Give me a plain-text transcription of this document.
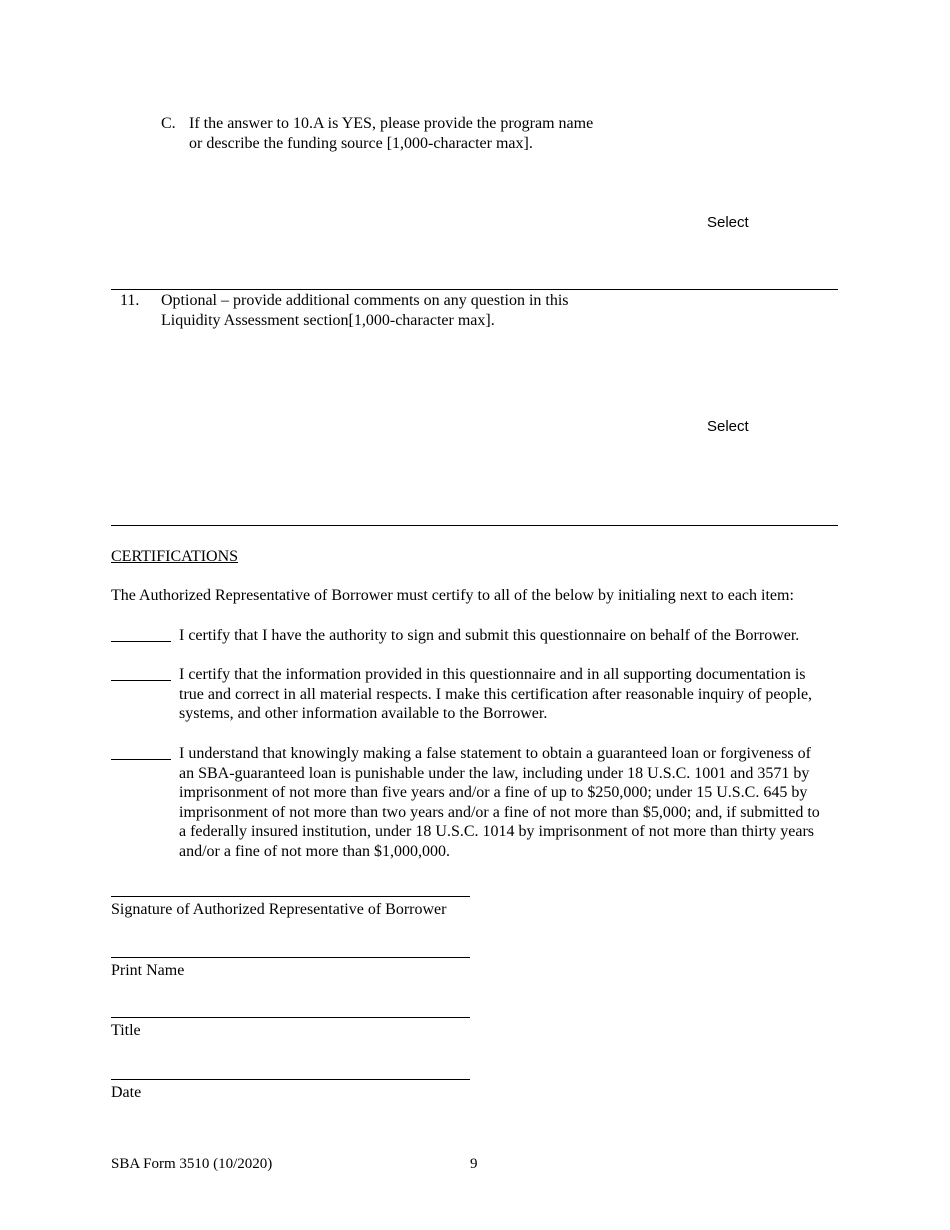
C. If the answer to 10.A is YES, please provide the program name
or describe the funding source [1,000-character max].
Select
11. Optional – provide additional comments on any question in this
Liquidity Assessment section[1,000-character max].
Select
CERTIFICATIONS
The Authorized Representative of Borrower must certify to all of the below by initialing next to each item:
I certify that I have the authority to sign and submit this questionnaire on behalf of the Borrower.
I certify that the information provided in this questionnaire and in all supporting documentation is
true and correct in all material respects. I make this certification after reasonable inquiry of people,
systems, and other information available to the Borrower.
I understand that knowingly making a false statement to obtain a guaranteed loan or forgiveness of
an SBA-guaranteed loan is punishable under the law, including under 18 U.S.C. 1001 and 3571 by
imprisonment of not more than five years and/or a fine of up to $250,000; under 15 U.S.C. 645 by
imprisonment of not more than two years and/or a fine of not more than $5,000; and, if submitted to
a federally insured institution, under 18 U.S.C. 1014 by imprisonment of not more than thirty years
and/or a fine of not more than $1,000,000.
Signature of Authorized Representative of Borrower
Print Name
Title
Date
SBA Form 3510 (10/2020)	9
